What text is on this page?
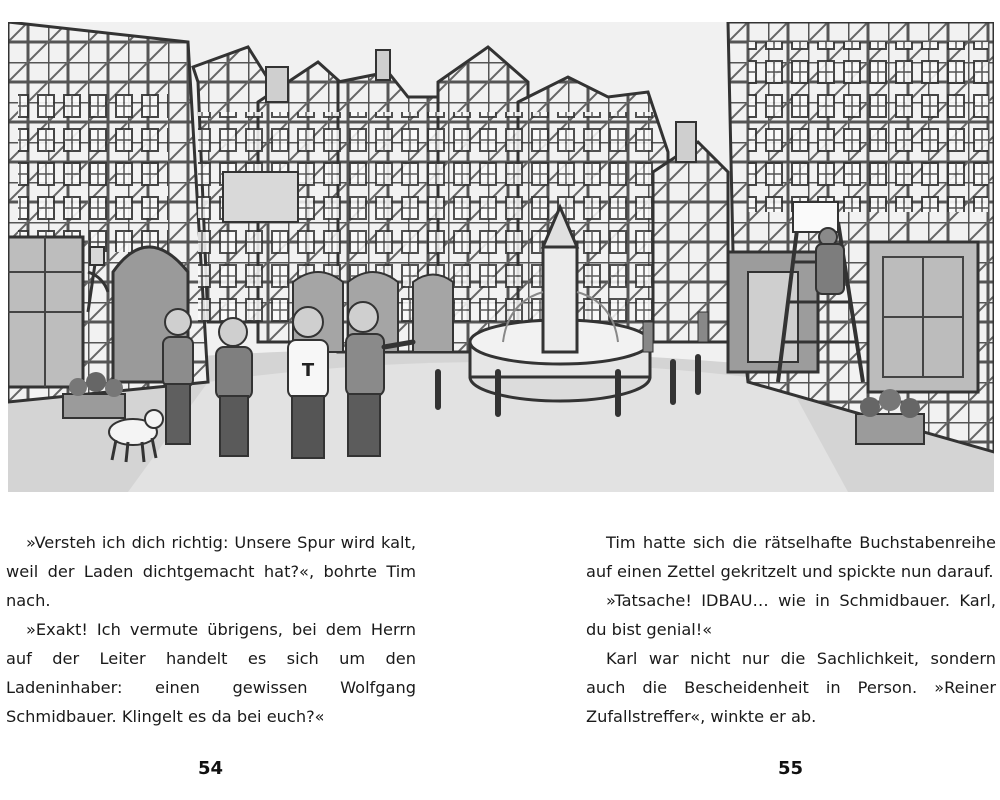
T

»Versteh ich dich richtig: Unsere Spur wird kalt, weil der Laden dichtgemacht hat?«, bohrte Tim nach.

»Exakt! Ich vermute übrigens, bei dem Herrn auf der Leiter handelt es sich um den Ladeninhaber: einen gewissen Wolfgang Schmidbauer. Klingelt es da bei euch?«

Tim hatte sich die rätselhafte Buchstabenreihe auf einen Zettel gekritzelt und spickte nun darauf.

»Tatsache! IDBAU… wie in Schmidbauer. Karl, du bist genial!«

Karl war nicht nur die Sachlichkeit, sondern auch die Bescheidenheit in Person. »Reiner Zufallstreffer«, winkte er ab.

54	55
